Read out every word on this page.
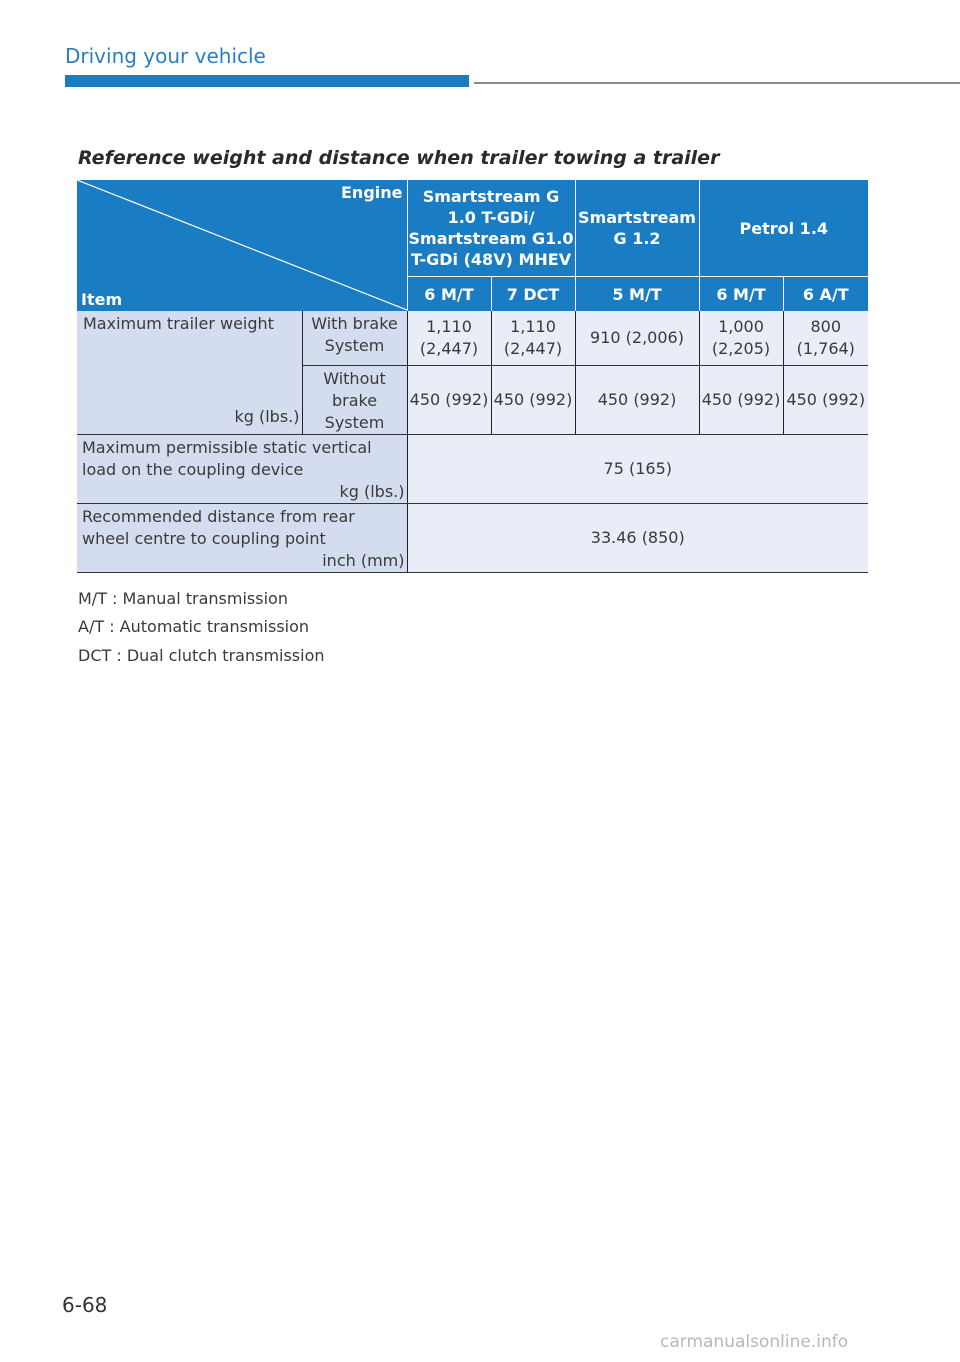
Driving your vehicle
Reference weight and distance when trailer towing a trailer
Engine
Item		Smartstream G 1.0 T-GDi/ Smartstream G1.0 T-GDi (48V) MHEV		Smartstream G 1.2	Petrol 1.4	
		6 M/T	7 DCT	5 M/T	6 M/T	6 A/T

Maximum trailer weight
kg (lbs.)	With brake System	1,110 (2,447)	1,110 (2,447)	910 (2,006)	1,000 (2,205)	800 (1,764)
	Without brake System	450 (992)	450 (992)	450 (992)	450 (992)	450 (992)

Maximum permissible static vertical load on the coupling device
kg (lbs.)		75 (165)				

Recommended distance from rear wheel centre to coupling point
inch (mm)		33.46 (850)				
M/T : Manual transmission
A/T : Automatic transmission
DCT : Dual clutch transmission
6-68
carmanualsonline.info
